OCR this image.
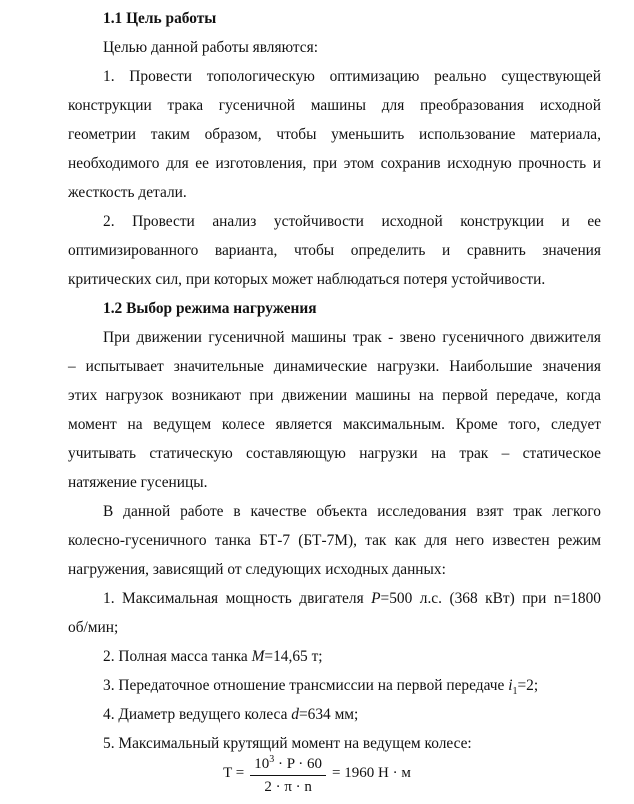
1.1 Цель работы
Целью данной работы являются:
1. Провести топологическую оптимизацию реально существующей
конструкции трака гусеничной машины для преобразования исходной
геометрии таким образом, чтобы уменьшить использование материала,
необходимого для ее изготовления, при этом сохранив исходную прочность и
жесткость детали.
2. Провести анализ устойчивости исходной конструкции и ее
оптимизированного варианта, чтобы определить и сравнить значения
критических сил, при которых может наблюдаться потеря устойчивости.
1.2 Выбор режима нагружения
При движении гусеничной машины трак - звено гусеничного движителя
– испытывает значительные динамические нагрузки. Наибольшие значения
этих нагрузок возникают при движении машины на первой передаче, когда
момент на ведущем колесе является максимальным. Кроме того, следует
учитывать статическую составляющую нагрузки на трак – статическое
натяжение гусеницы.
В данной работе в качестве объекта исследования взят трак легкого
колесно-гусеничного танка БТ-7 (БТ-7М), так как для него известен режим
нагружения, зависящий от следующих исходных данных:
1. Максимальная мощность двигателя P=500 л.с. (368 кВт) при n=1800
об/мин;
2. Полная масса танка M=14,65 т;
3. Передаточное отношение трансмиссии на первой передаче $i_1=2$;
4. Диаметр ведущего колеса d=634 мм;
5. Максимальный крутящий момент на ведущем колесе:
$T = \frac{10^3 \cdot P \cdot 60}{2 \cdot \pi \cdot n} = 1960$ Н · м
